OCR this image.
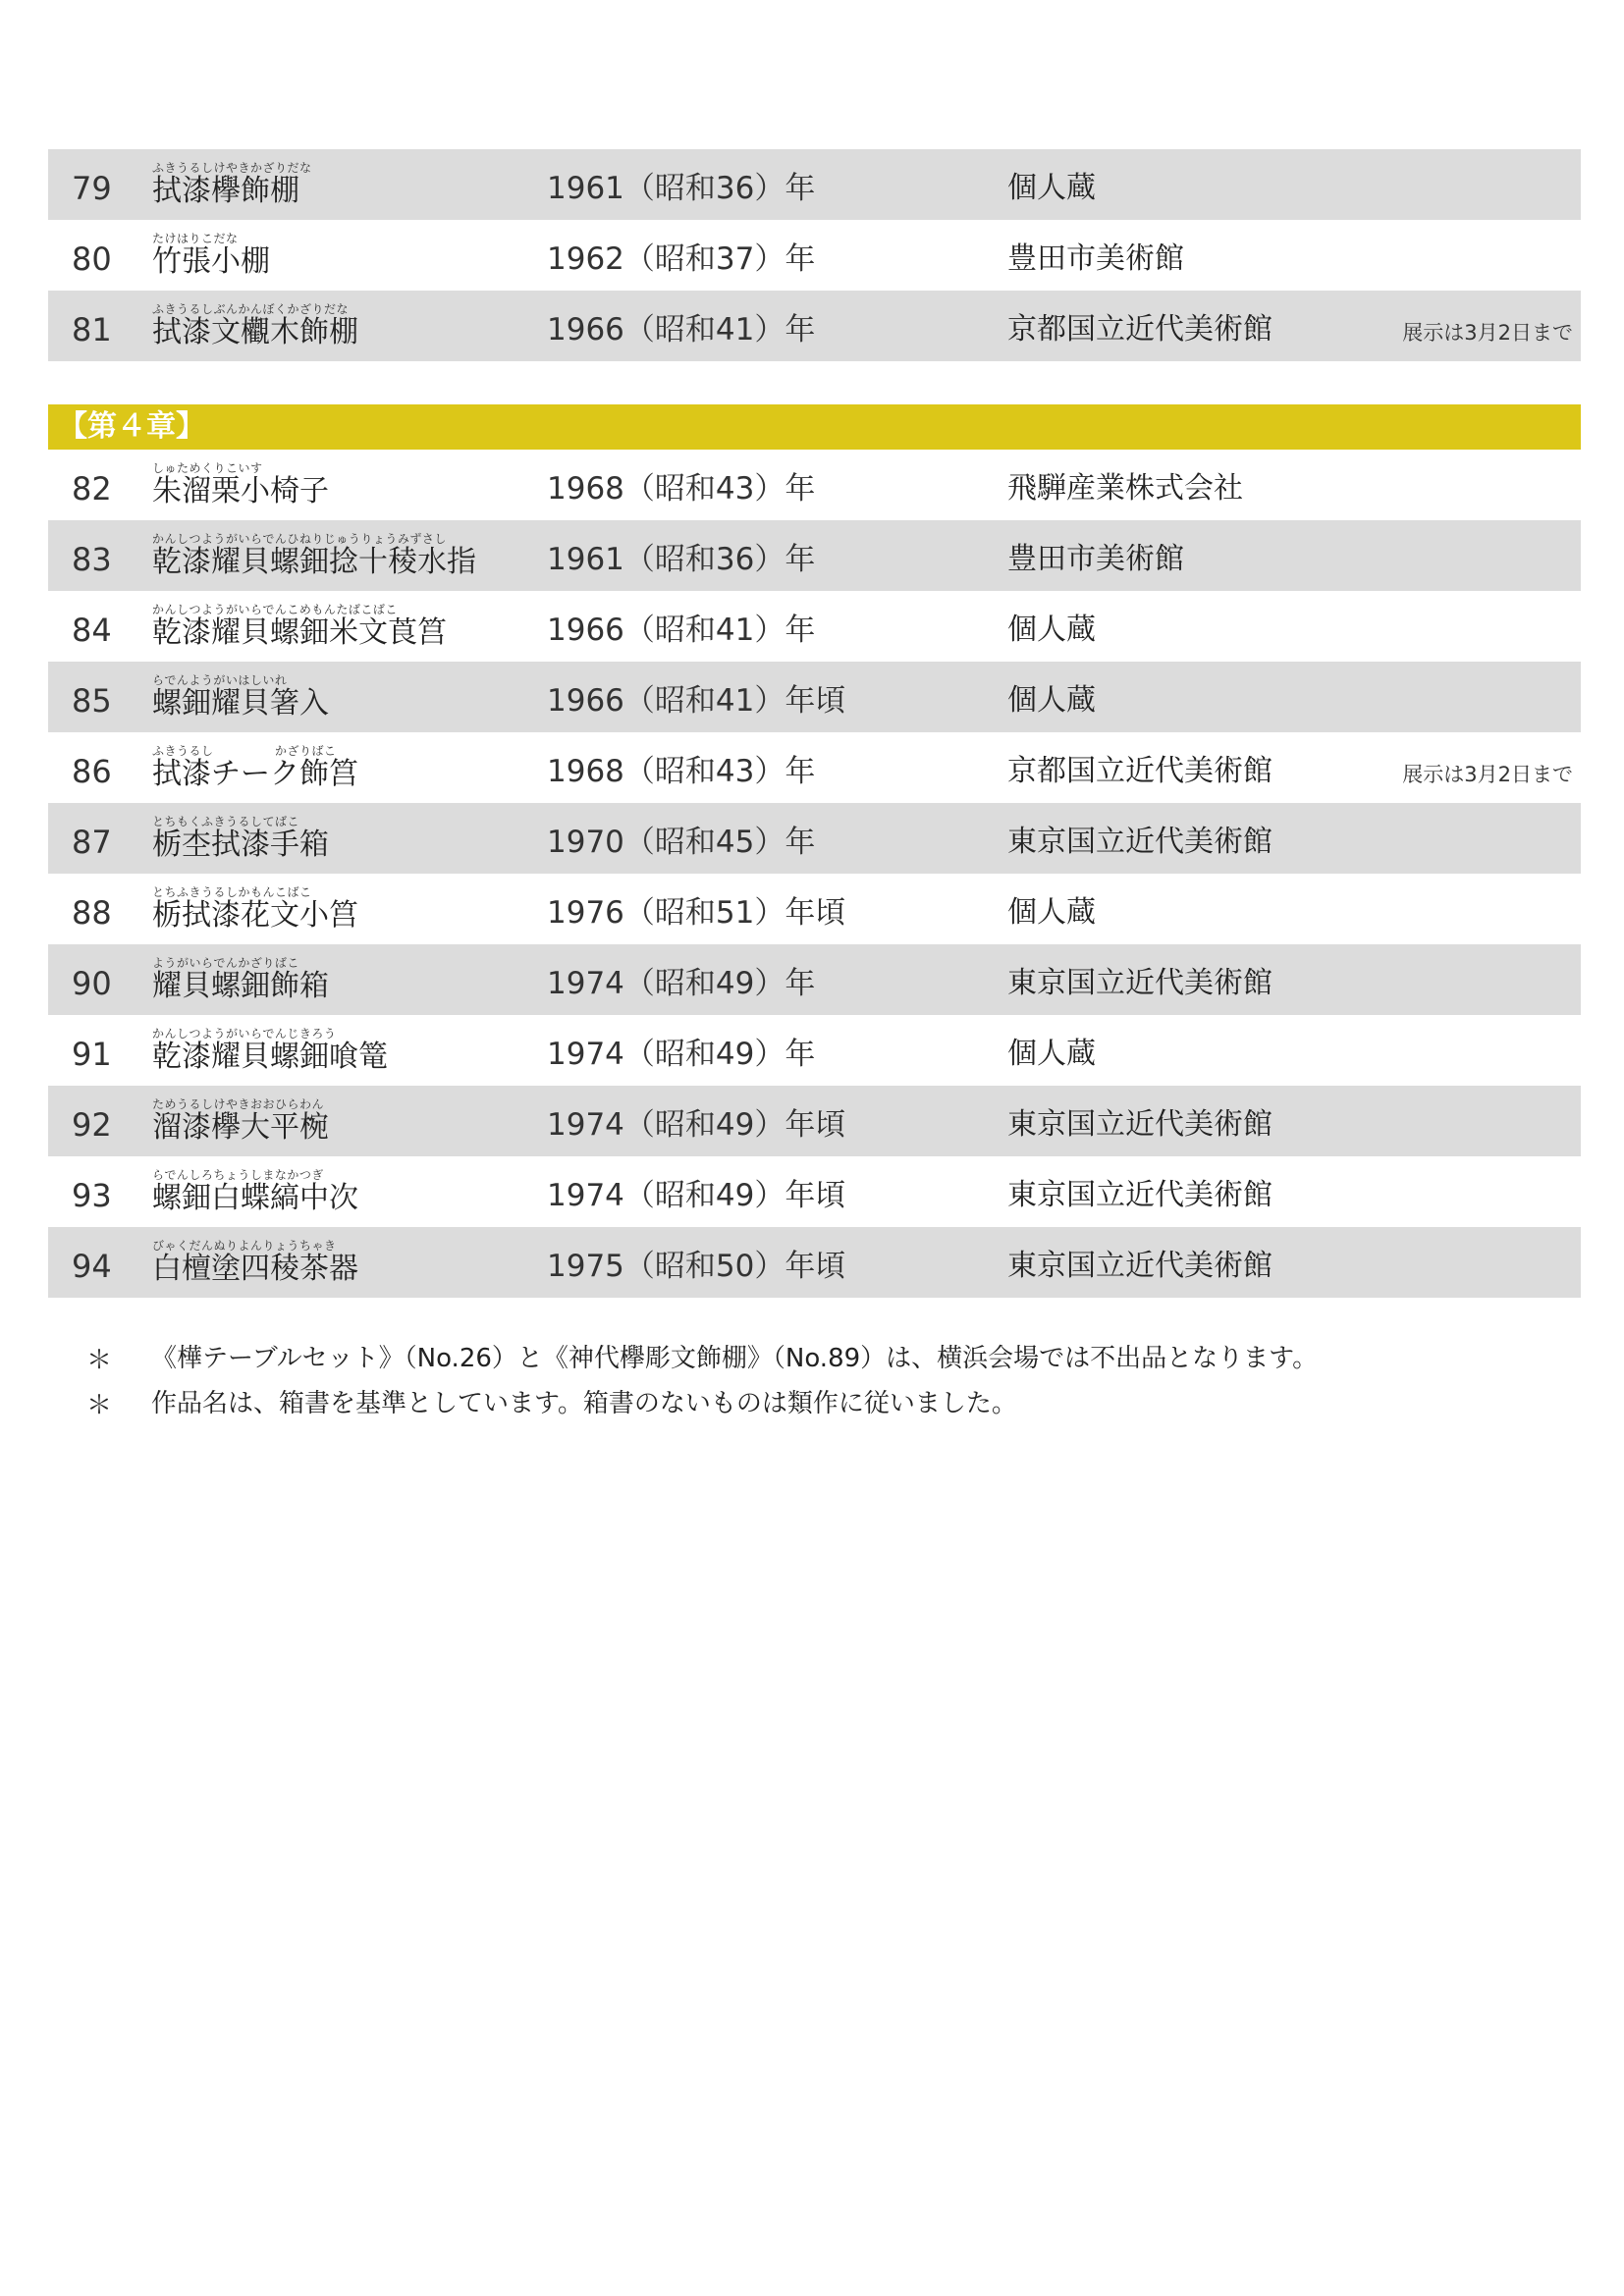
79
ふきうるしけやきかざりだな
拭漆欅飾棚	1961（昭和36）年	個人蔵
80
たけはりこだな
竹張小棚	1962（昭和37）年	豊田市美術館
81
ふきうるしぶんかんぼくかざりだな
拭漆文欟木飾棚	1966（昭和41）年	京都国立近代美術館	展示は3月2日まで
【第４章】
82
しゅためくりこいす
朱溜栗小椅子	1968（昭和43）年	飛騨産業株式会社
83
かんしつようがいらでんひねりじゅうりょうみずさし
乾漆耀貝螺鈿捻十稜水指 1961（昭和36）年	豊田市美術館
84
かんしつようがいらでんこめもんたばこばこ
乾漆耀貝螺鈿米文莨筥	1966（昭和41）年	個人蔵
85
らでんようがいはしいれ
螺鈿耀貝箸入	1966（昭和41）年頃	個人蔵
86
ふきうるし　　　　　かざりばこ
拭漆チーク飾筥	1968（昭和43）年	京都国立近代美術館	展示は3月2日まで
87
とちもくふきうるしてばこ
栃杢拭漆手箱	1970（昭和45）年	東京国立近代美術館
88
とちふきうるしかもんこばこ
栃拭漆花文小筥	1976（昭和51）年頃	個人蔵
90
ようがいらでんかざりばこ
耀貝螺鈿飾箱	1974（昭和49）年	東京国立近代美術館
91
かんしつようがいらでんじきろう
乾漆耀貝螺鈿喰篭	1974（昭和49）年	個人蔵
92
ためうるしけやきおおひらわん
溜漆欅大平椀	1974（昭和49）年頃	東京国立近代美術館
93
らでんしろちょうしまなかつぎ
螺鈿白蝶縞中次	1974（昭和49）年頃	東京国立近代美術館
94
びゃくだんぬりよんりょうちゃき
白檀塗四稜茶器	1975（昭和50）年頃	東京国立近代美術館
＊ 《樺テーブルセット》（No.26）と《神代欅彫文飾棚》（No.89）は、横浜会場では不出品となります。
＊ 作品名は、箱書を基準としています。箱書のないものは類作に従いました。
